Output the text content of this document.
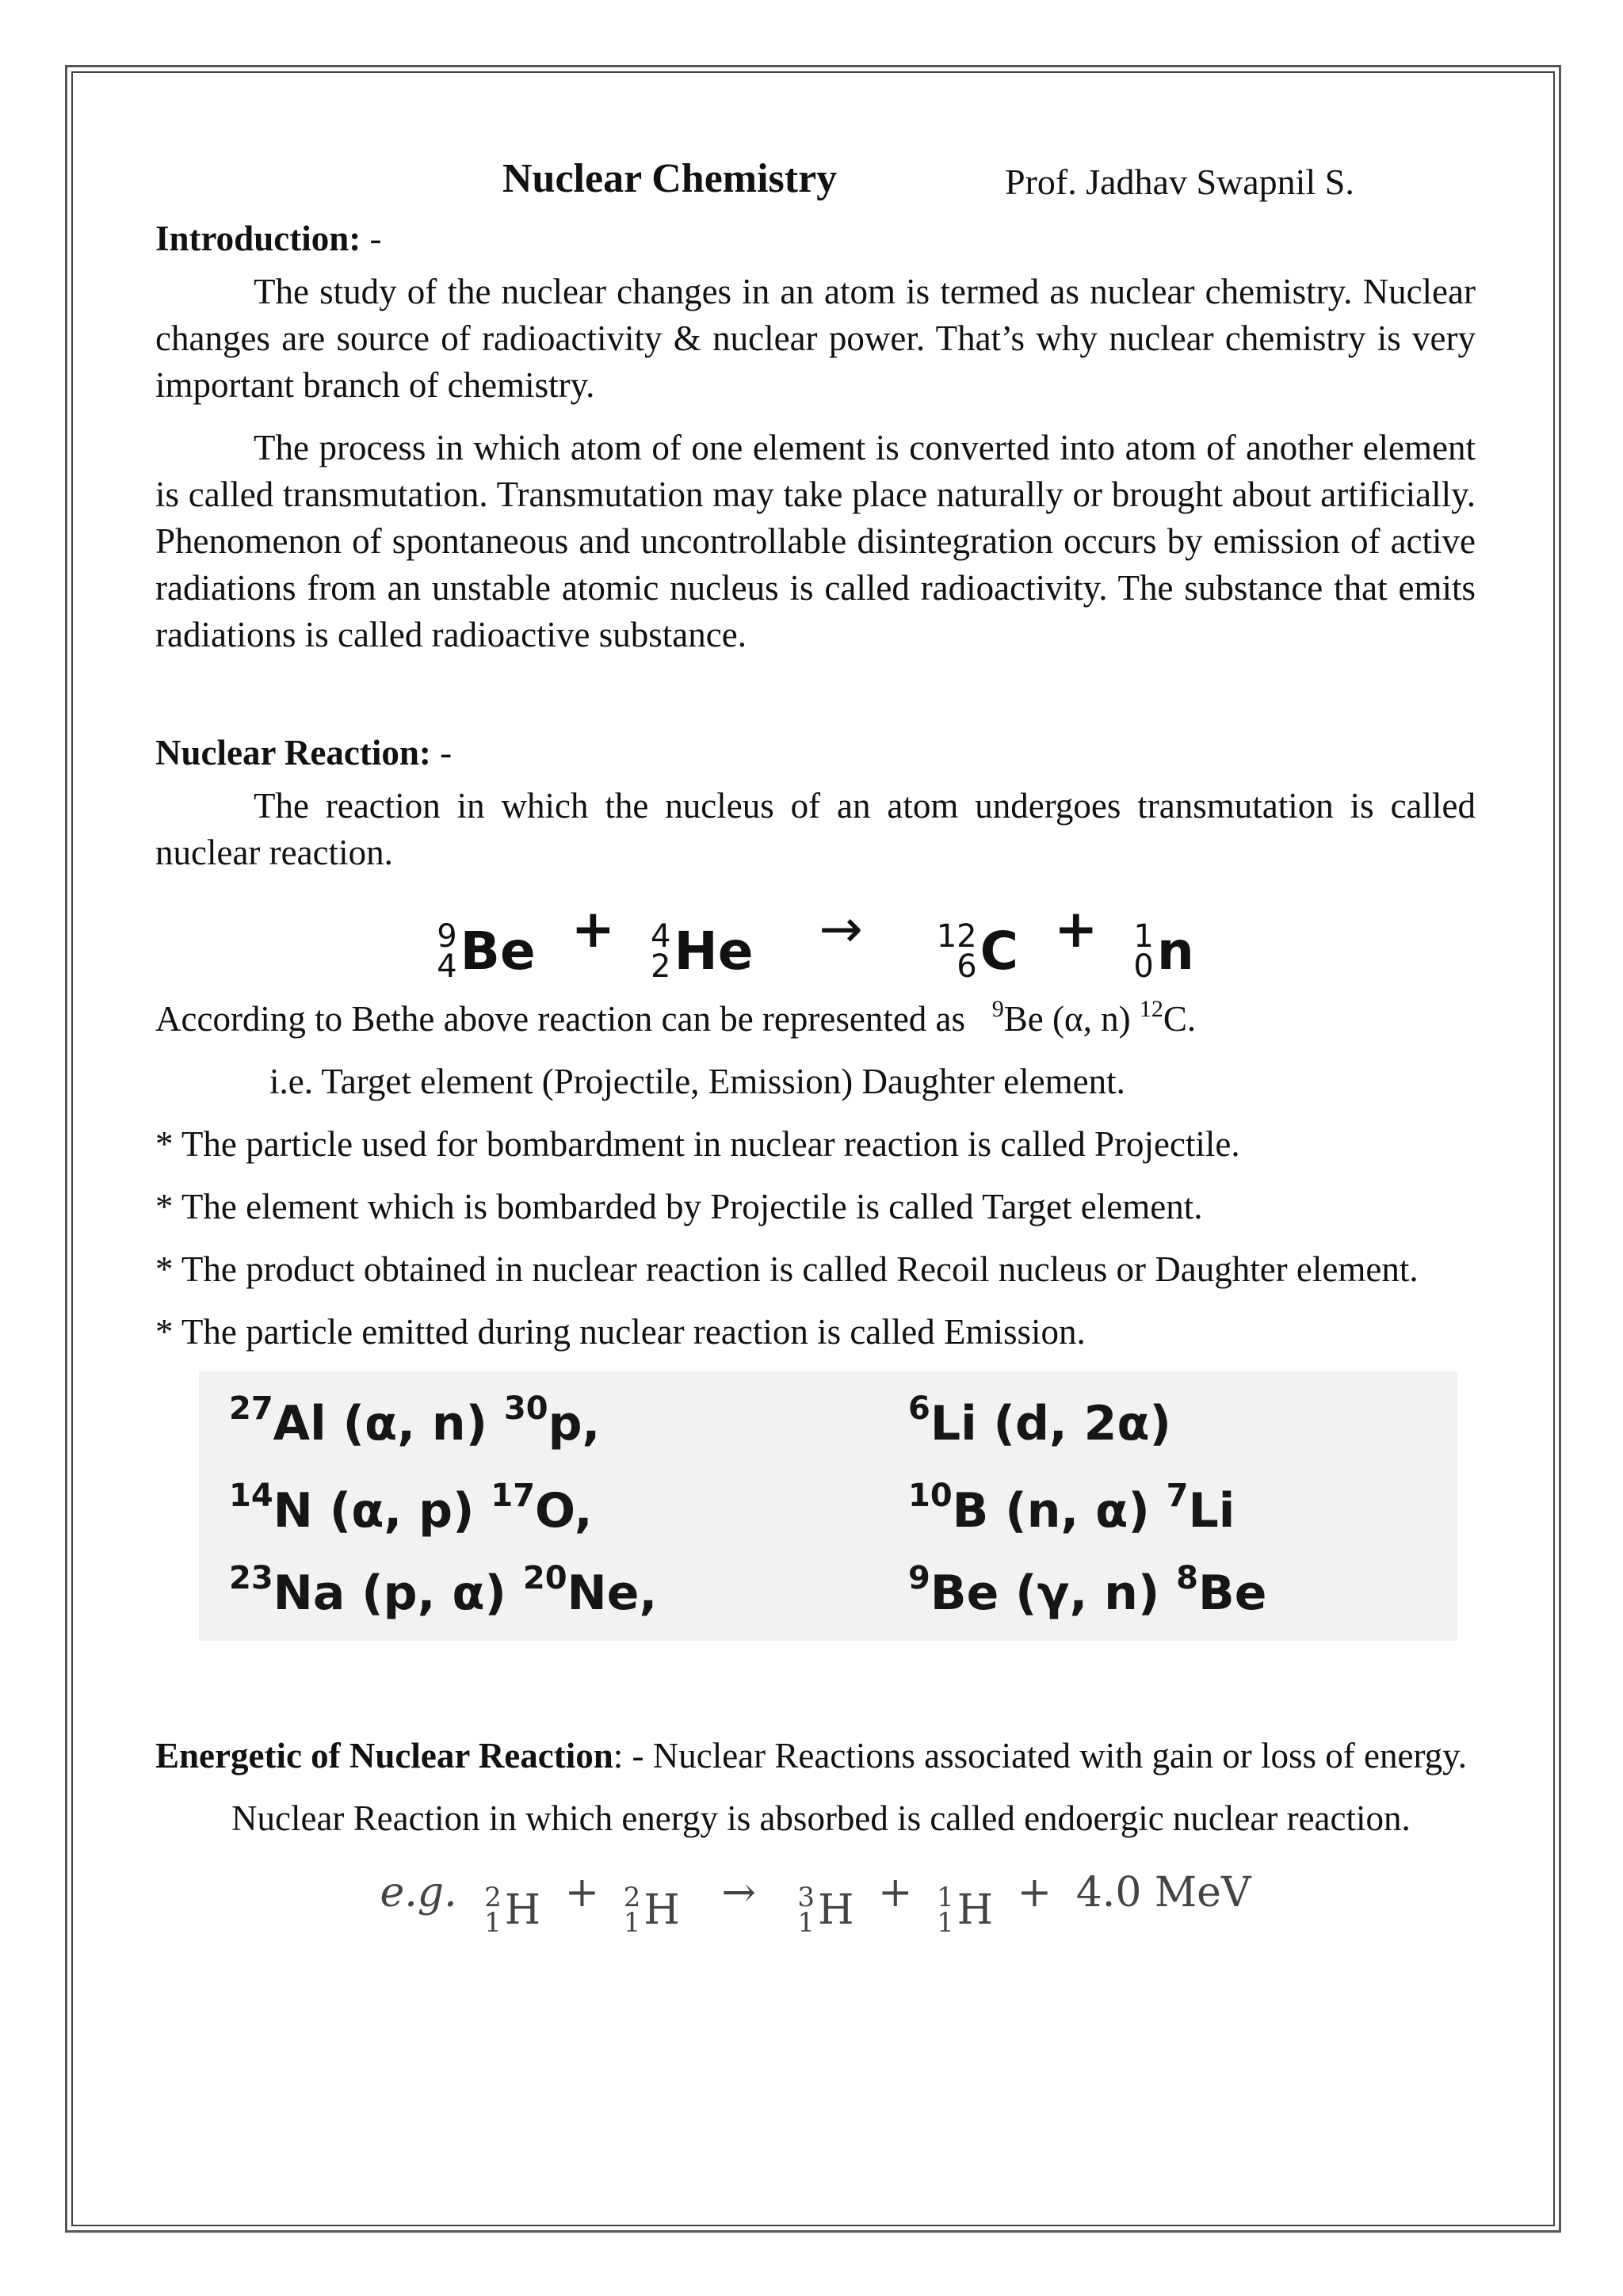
Nuclear Chemistry	Prof. Jadhav Swapnil S.
Introduction: -

The study of the nuclear changes in an atom is termed as nuclear chemistry. Nuclear changes are source of radioactivity & nuclear power. That’s why nuclear chemistry is very important branch of chemistry.

The process in which atom of one element is converted into atom of another element is called transmutation. Transmutation may take place naturally or brought about artificially. Phenomenon of spontaneous and uncontrollable disintegration occurs by emission of active radiations from an unstable atomic nucleus is called radioactivity. The substance that emits radiations is called radioactive substance.

Nuclear Reaction: -

The reaction in which the nucleus of an atom undergoes transmutation is called nuclear reaction.

9
4 Be + 4
2 He → 12
6 C + 1
0 n
According to Bethe above reaction can be represented as $^9$Be (α, n) $^{12}$C.
i.e. Target element (Projectile, Emission) Daughter element.
* The particle used for bombardment in nuclear reaction is called Projectile.
* The element which is bombarded by Projectile is called Target element.
* The product obtained in nuclear reaction is called Recoil nucleus or Daughter element.
* The particle emitted during nuclear reaction is called Emission.
$^{27}$Al (α, n) $^{30}$p,	$^6$Li (d, 2α)
$^{14}$N (α, p) $^{17}$O,	$^{10}$B (n, α) $^7$Li
$^{23}$Na (p, α) $^{20}$Ne,	$^9$Be (γ, n) $^8$Be

Energetic of Nuclear Reaction: - Nuclear Reactions associated with gain or loss of energy.

Nuclear Reaction in which energy is absorbed is called endoergic nuclear reaction.

e.g. 2
1 H + 2
1 H → 3
1 H + 1
1 H + 4.0 MeV
